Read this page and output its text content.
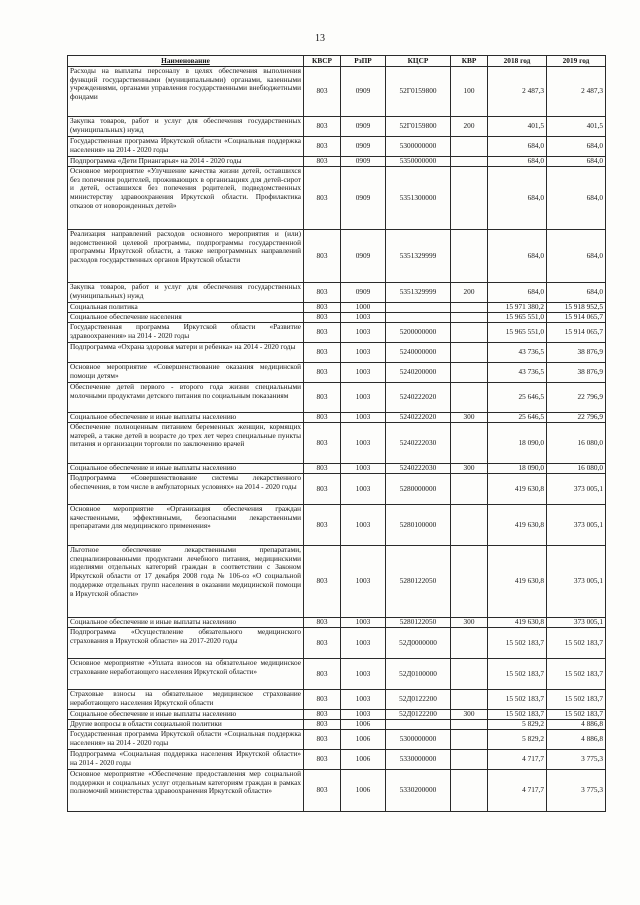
13
Наименование	КВСР	РзПР	КЦСР	КВР	2018 год	2019 год
Расходы на выплаты персоналу в целях обеспечения выполнения функций государственными (муниципальными) органами, казенными учреждениями, органами управления государственными внебюджетными фондами	803	0909	52Г0159800	100	2 487,3	2 487,3
Закупка товаров, работ и услуг для обеспечения государственных (муниципальных) нужд	803	0909	52Г0159800	200	401,5	401,5
Государственная программа Иркутской области «Социальная поддержка населения» на 2014 - 2020 годы	803	0909	5300000000		684,0	684,0
Подпрограмма «Дети Приангарья» на 2014 - 2020 годы	803	0909	5350000000		684,0	684,0
Основное мероприятие «Улучшение качества жизни детей, оставшихся без попечения родителей, проживающих в организациях для детей-сирот и детей, оставшихся без попечения родителей, подведомственных министерству здравоохранения Иркутской области. Профилактика отказов от новорожденных детей»	803	0909	5351300000		684,0	684,0
Реализация направлений расходов основного мероприятия и (или) ведомственной целевой программы, подпрограммы государственной программы Иркутской области, а также непрограммных направлений расходов государственных органов Иркутской области	803	0909	5351329999		684,0	684,0
Закупка товаров, работ и услуг для обеспечения государственных (муниципальных) нужд	803	0909	5351329999	200	684,0	684,0
Социальная политика	803	1000			15 971 380,2	15 918 952,5
Социальное обеспечение населения	803	1003			15 965 551,0	15 914 065,7
Государственная программа Иркутской области «Развитие здравоохранения» на 2014 - 2020 годы	803	1003	5200000000		15 965 551,0	15 914 065,7
Подпрограмма «Охрана здоровья матери и ребенка» на 2014 - 2020 годы	803	1003	5240000000		43 736,5	38 876,9
Основное мероприятие «Совершенствование оказания медицинской помощи детям»	803	1003	5240200000		43 736,5	38 876,9
Обеспечение детей первого - второго года жизни специальными молочными продуктами детского питания по социальным показаниям	803	1003	5240222020		25 646,5	22 796,9
Социальное обеспечение и иные выплаты населению	803	1003	5240222020	300	25 646,5	22 796,9
Обеспечение полноценным питанием беременных женщин, кормящих матерей, а также детей в возрасте до трех лет через специальные пункты питания и организации торговли по заключению врачей	803	1003	5240222030		18 090,0	16 080,0
Социальное обеспечение и иные выплаты населению	803	1003	5240222030	300	18 090,0	16 080,0
Подпрограмма «Совершенствование системы лекарственного обеспечения, в том числе в амбулаторных условиях» на 2014 - 2020 годы	803	1003	5280000000		419 630,8	373 005,1
Основное мероприятие «Организация обеспечения граждан качественными, эффективными, безопасными лекарственными препаратами для медицинского применения»	803	1003	5280100000		419 630,8	373 005,1
Льготное обеспечение лекарственными препаратами, специализированными продуктами лечебного питания, медицинскими изделиями отдельных категорий граждан в соответствии с Законом Иркутской области от 17 декабря 2008 года № 106-оз «О социальной поддержке отдельных групп населения в оказании медицинской помощи в Иркутской области»	803	1003	5280122050		419 630,8	373 005,1
Социальное обеспечение и иные выплаты населению	803	1003	5280122050	300	419 630,8	373 005,1
Подпрограмма «Осуществление обязательного медицинского страхования в Иркутской области» на 2017-2020 годы	803	1003	52Д0000000		15 502 183,7	15 502 183,7
Основное мероприятие «Уплата взносов на обязательное медицинское страхование неработающего населения Иркутской области»	803	1003	52Д0100000		15 502 183,7	15 502 183,7
Страховые взносы на обязательное медицинское страхование неработающего населения Иркутской области	803	1003	52Д0122200		15 502 183,7	15 502 183,7
Социальное обеспечение и иные выплаты населению	803	1003	52Д0122200	300	15 502 183,7	15 502 183,7
Другие вопросы в области социальной политики	803	1006			5 829,2	4 886,8
Государственная программа Иркутской области «Социальная поддержка населения» на 2014 - 2020 годы	803	1006	5300000000		5 829,2	4 886,8
Подпрограмма «Социальная поддержка населения Иркутской области» на 2014 - 2020 годы	803	1006	5330000000		4 717,7	3 775,3
Основное мероприятие «Обеспечение предоставления мер социальной поддержки и социальных услуг отдельным категориям граждан в рамках полномочий министерства здравоохранения Иркутской области»	803	1006	5330200000		4 717,7	3 775,3
